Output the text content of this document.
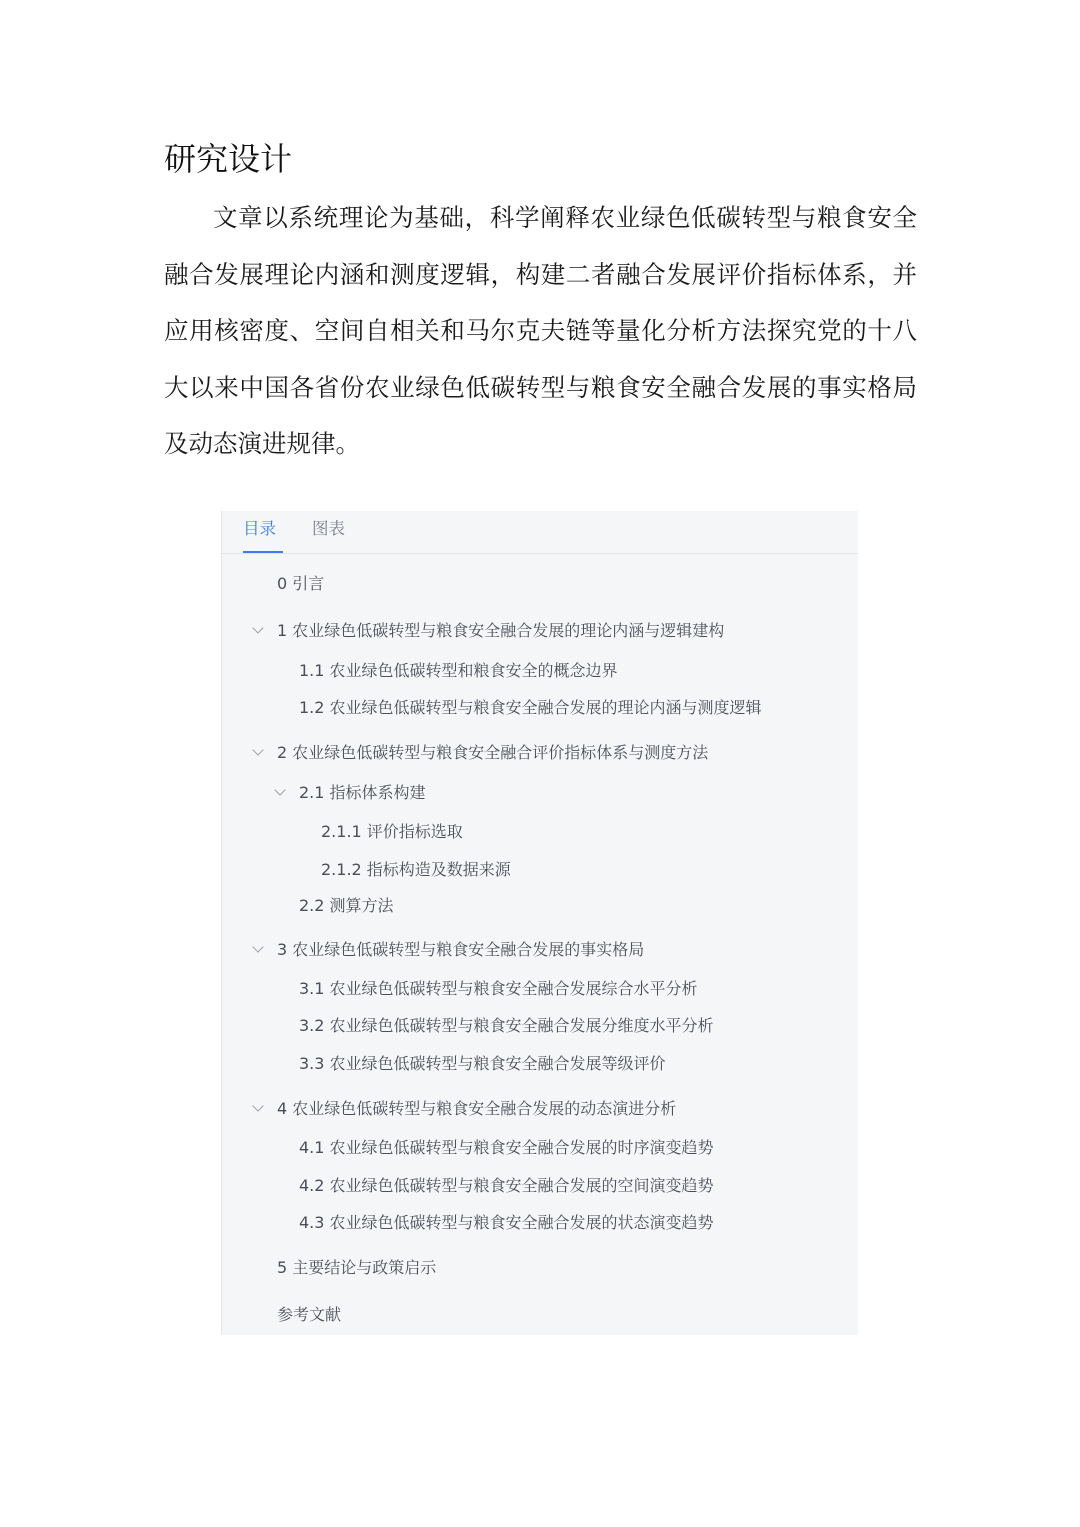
研究设计

文章以系统理论为基础，科学阐释农业绿色低碳转型与粮食安全融合发展理论内涵和测度逻辑，构建二者融合发展评价指标体系，并应用核密度、空间自相关和马尔克夫链等量化分析方法探究党的十八大以来中国各省份农业绿色低碳转型与粮食安全融合发展的事实格局及动态演进规律。

目录 图表
0 引言
1 农业绿色低碳转型与粮食安全融合发展的理论内涵与逻辑建构
1.1 农业绿色低碳转型和粮食安全的概念边界
1.2 农业绿色低碳转型与粮食安全融合发展的理论内涵与测度逻辑
2 农业绿色低碳转型与粮食安全融合评价指标体系与测度方法
2.1 指标体系构建
2.1.1 评价指标选取
2.1.2 指标构造及数据来源
2.2 测算方法
3 农业绿色低碳转型与粮食安全融合发展的事实格局
3.1 农业绿色低碳转型与粮食安全融合发展综合水平分析
3.2 农业绿色低碳转型与粮食安全融合发展分维度水平分析
3.3 农业绿色低碳转型与粮食安全融合发展等级评价
4 农业绿色低碳转型与粮食安全融合发展的动态演进分析
4.1 农业绿色低碳转型与粮食安全融合发展的时序演变趋势
4.2 农业绿色低碳转型与粮食安全融合发展的空间演变趋势
4.3 农业绿色低碳转型与粮食安全融合发展的状态演变趋势
5 主要结论与政策启示
参考文献
